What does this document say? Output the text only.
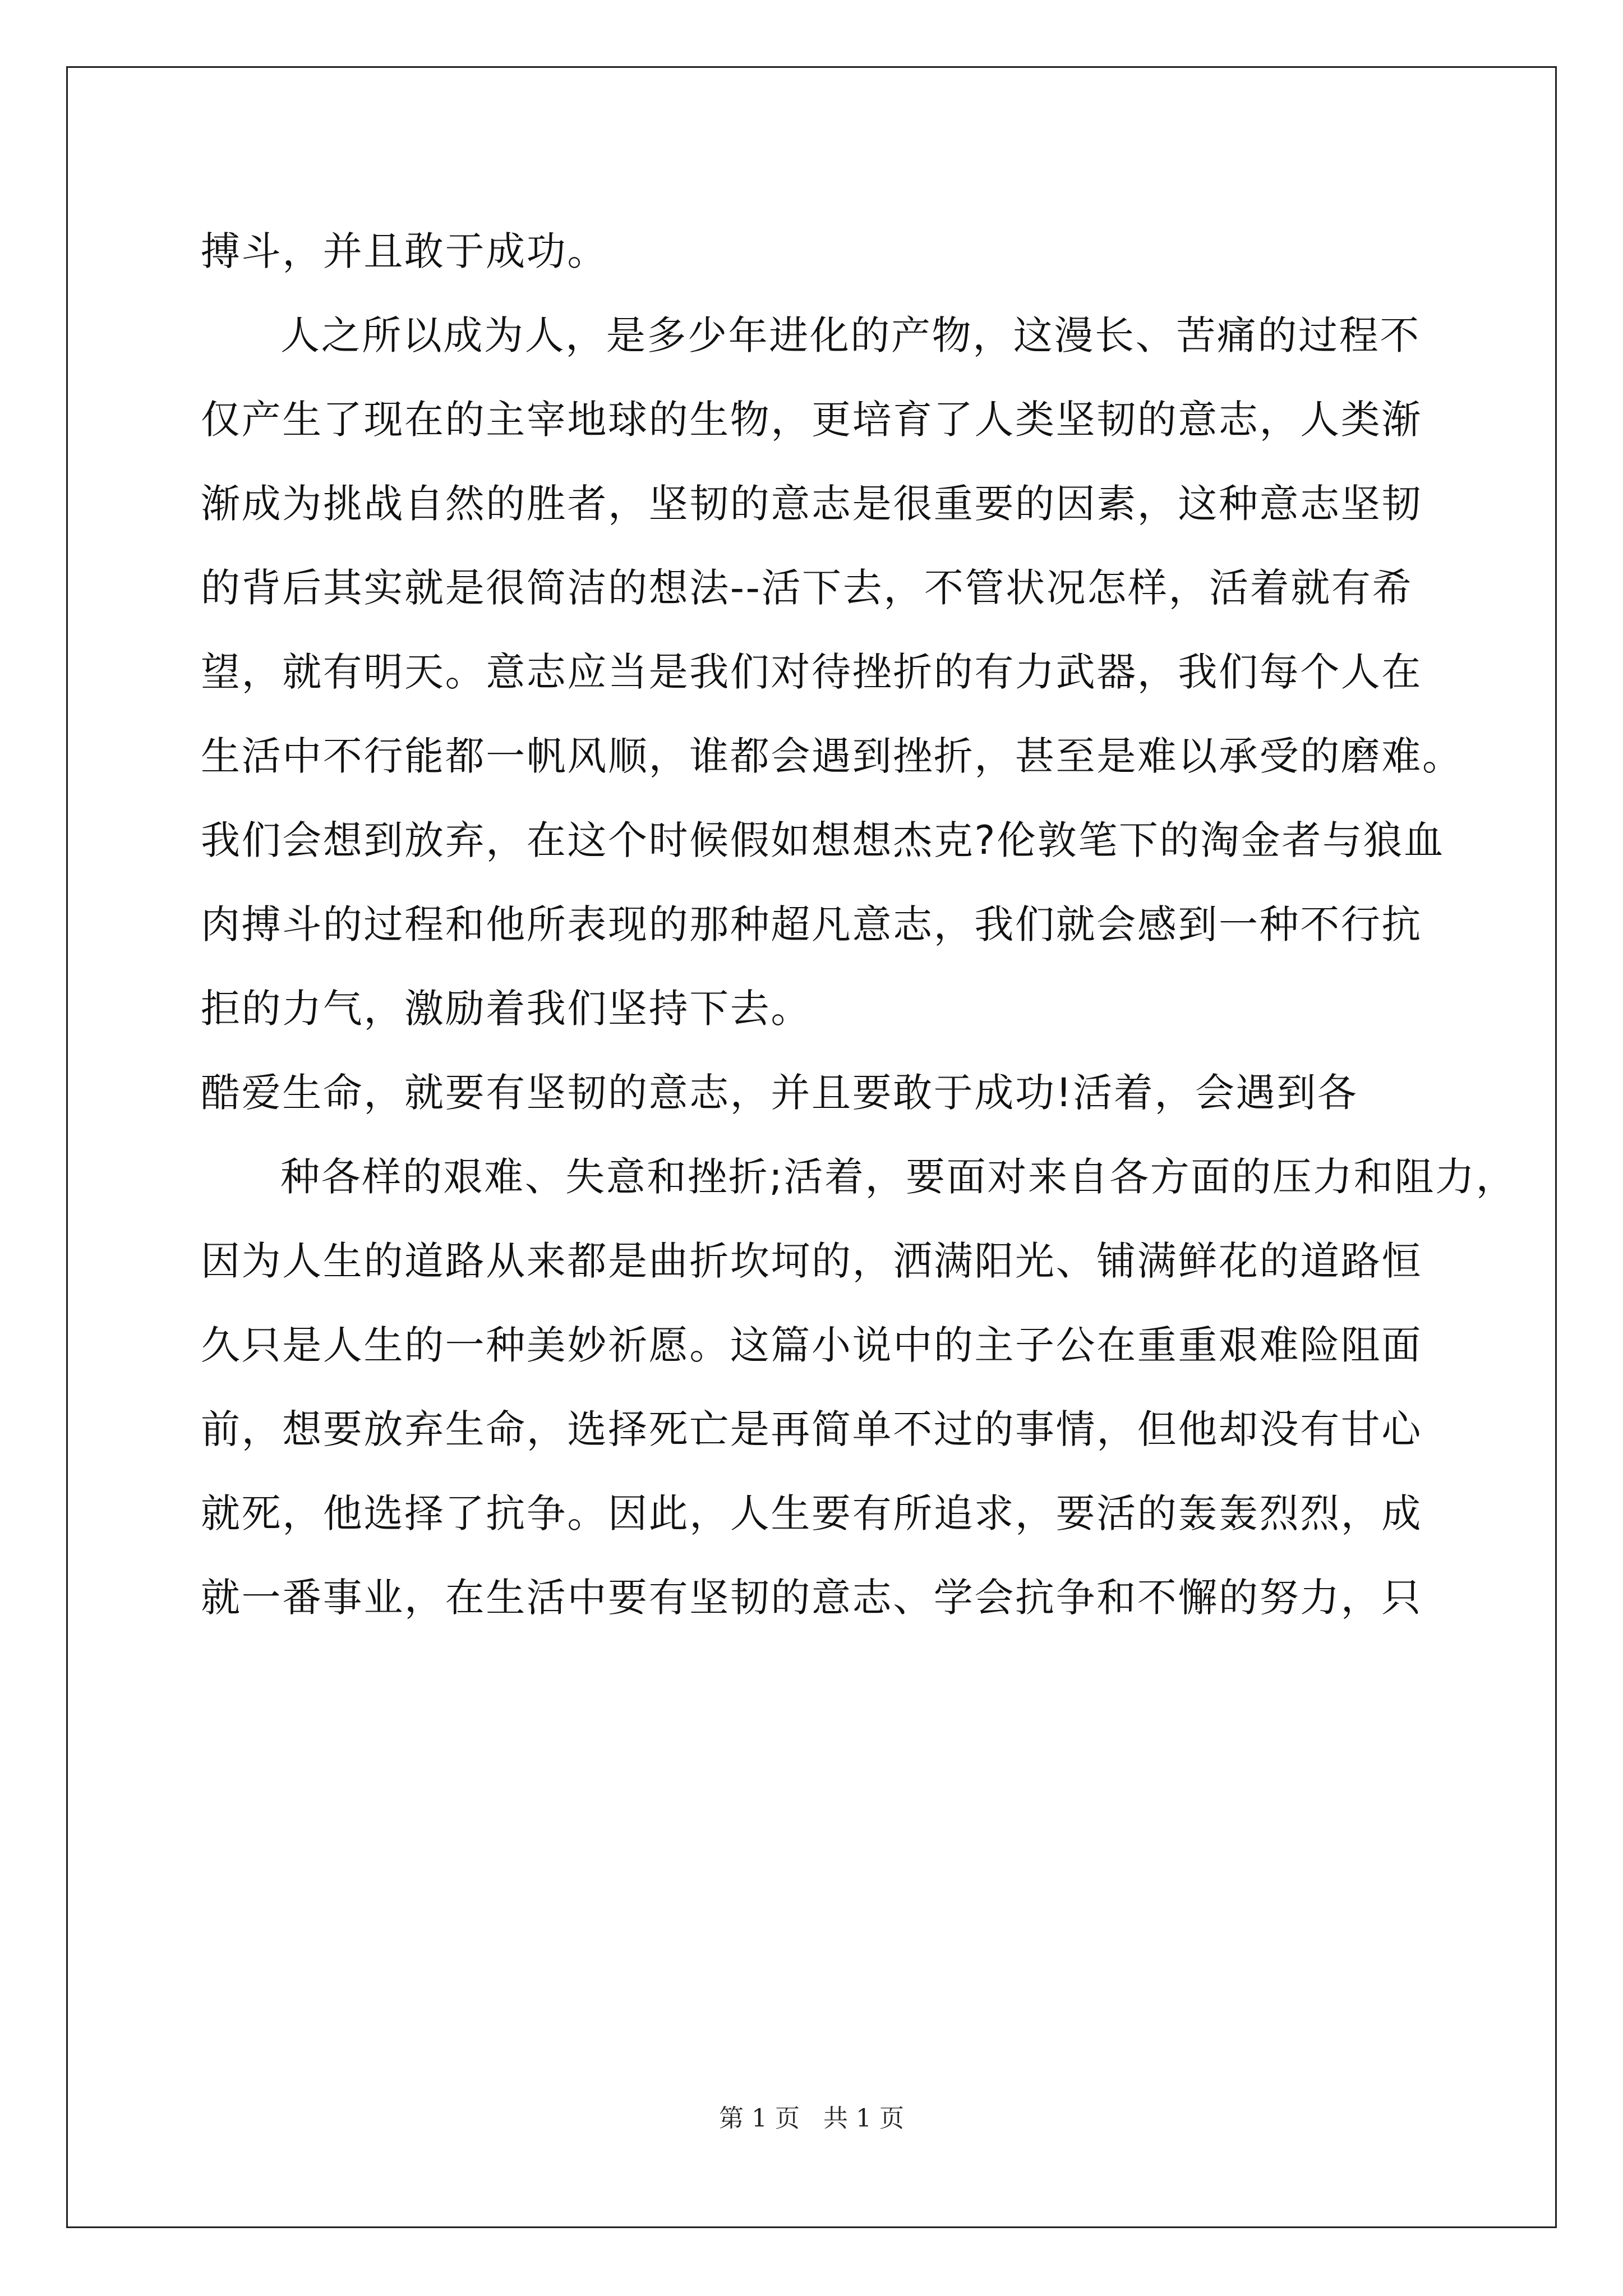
搏斗，并且敢于成功。

人之所以成为人，是多少年进化的产物，这漫长、苦痛的过程不

仅产生了现在的主宰地球的生物，更培育了人类坚韧的意志，人类渐

渐成为挑战自然的胜者，坚韧的意志是很重要的因素，这种意志坚韧

的背后其实就是很简洁的想法--活下去，不管状况怎样，活着就有希

望，就有明天。意志应当是我们对待挫折的有力武器，我们每个人在

生活中不行能都一帆风顺，谁都会遇到挫折，甚至是难以承受的磨难。

我们会想到放弃，在这个时候假如想想杰克?伦敦笔下的淘金者与狼血

肉搏斗的过程和他所表现的那种超凡意志，我们就会感到一种不行抗

拒的力气，激励着我们坚持下去。

酷爱生命，就要有坚韧的意志，并且要敢于成功!活着，会遇到各

种各样的艰难、失意和挫折;活着，要面对来自各方面的压力和阻力，

因为人生的道路从来都是曲折坎坷的，洒满阳光、铺满鲜花的道路恒

久只是人生的一种美妙祈愿。这篇小说中的主子公在重重艰难险阻面

前，想要放弃生命，选择死亡是再简单不过的事情，但他却没有甘心

就死，他选择了抗争。因此，人生要有所追求，要活的轰轰烈烈，成

就一番事业，在生活中要有坚韧的意志、学会抗争和不懈的努力，只

第 1 页   共 1 页
